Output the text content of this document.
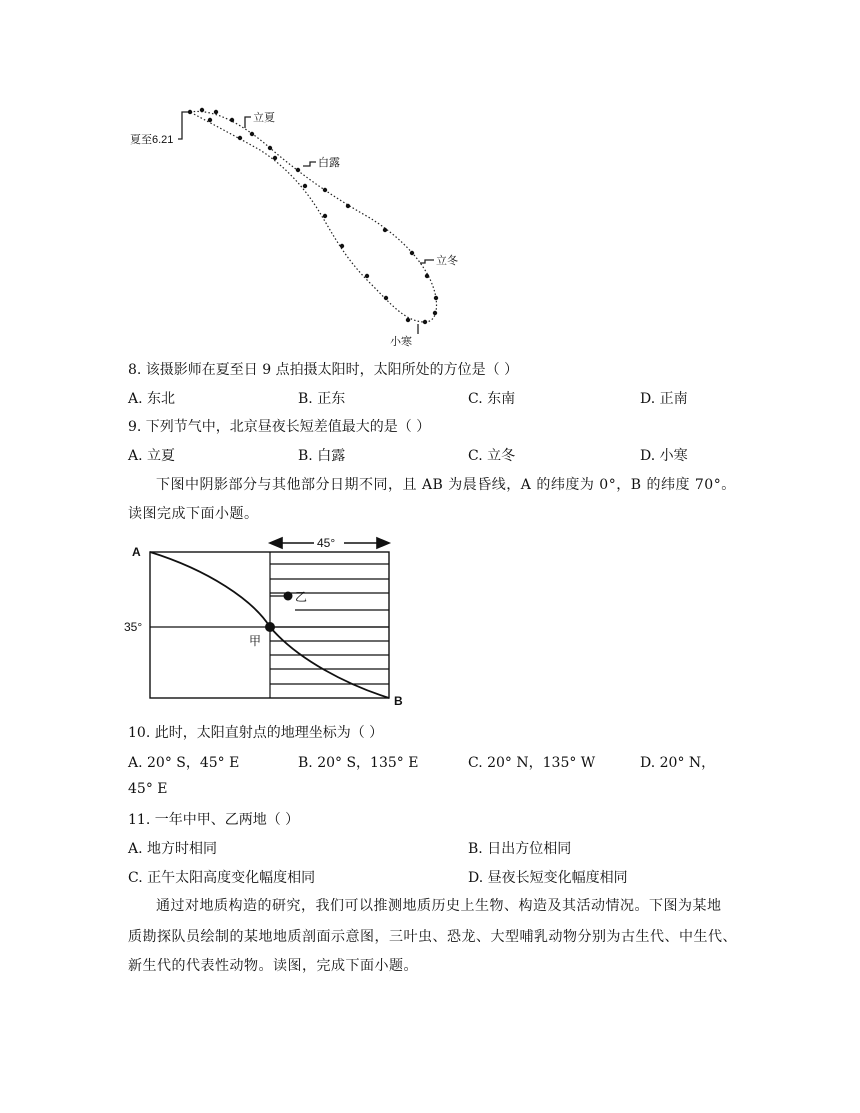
夏至6.21
立夏
白露
立冬
小寒
8. 该摄影师在夏至日 9 点拍摄太阳时，太阳所处的方位是（ ）
A. 东北	B. 正东	C. 东南	D. 正南
9. 下列节气中，北京昼夜长短差值最大的是（ ）
A. 立夏	B. 白露	C. 立冬	D. 小寒
下图中阴影部分与其他部分日期不同，且 AB 为晨昏线，A 的纬度为 0°，B 的纬度 70°。
读图完成下面小题。
45°
A
B
35°
甲
乙
10. 此时，太阳直射点的地理坐标为（ ）
A. 20° S，45° E	B. 20° S，135° E	C. 20° N，135° W	D. 20° N，
45° E
11. 一年中甲、乙两地（ ）
A. 地方时相同	B. 日出方位相同
C. 正午太阳高度变化幅度相同	D. 昼夜长短变化幅度相同
通过对地质构造的研究，我们可以推测地质历史上生物、构造及其活动情况。下图为某地
质勘探队员绘制的某地地质剖面示意图，三叶虫、恐龙、大型哺乳动物分别为古生代、中生代、
新生代的代表性动物。读图，完成下面小题。
